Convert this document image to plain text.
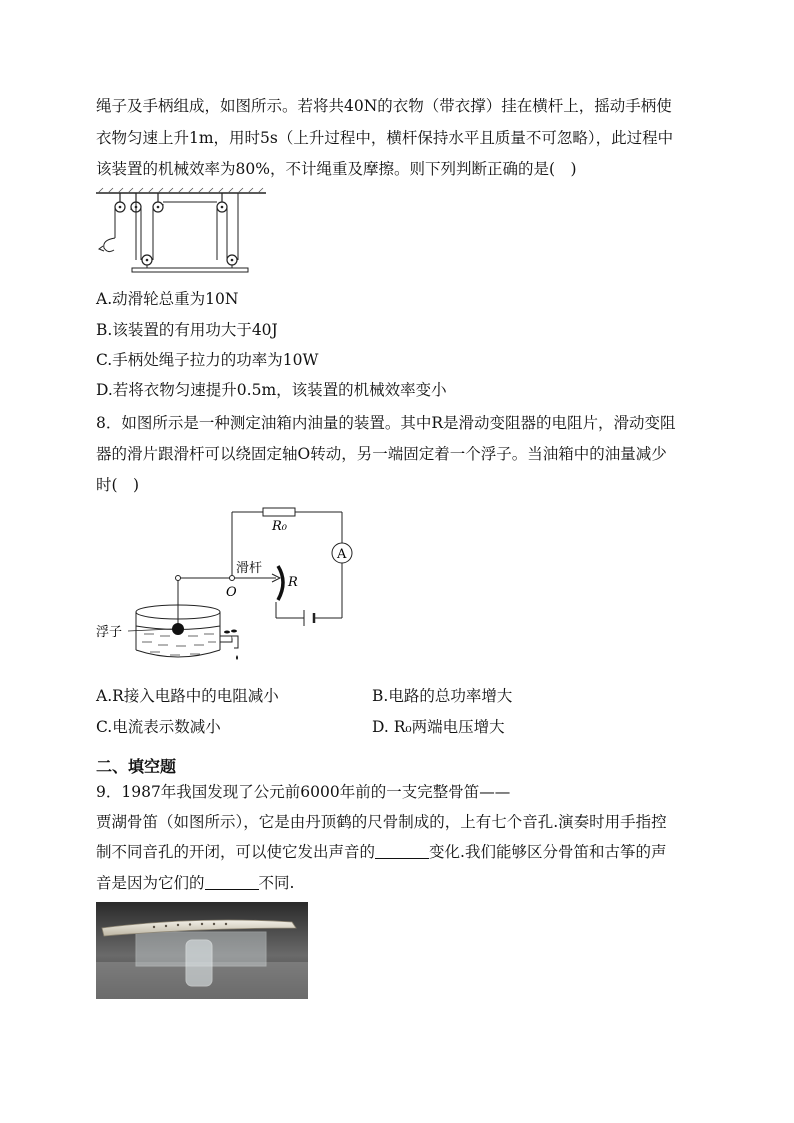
绳子及手柄组成，如图所示。若将共40N的衣物（带衣撑）挂在横杆上，摇动手柄使
衣物匀速上升1m，用时5s（上升过程中，横杆保持水平且质量不可忽略），此过程中
该装置的机械效率为80%，不计绳重及摩擦。则下列判断正确的是(　)
A.动滑轮总重为10N
B.该装置的有用功大于40J
C.手柄处绳子拉力的功率为10W
D.若将衣物匀速提升0.5m，该装置的机械效率变小
8．如图所示是一种测定油箱内油量的装置。其中R是滑动变阻器的电阻片，滑动变阻
器的滑片跟滑杆可以绕固定轴O转动，另一端固定着一个浮子。当油箱中的油量减少
时(　)
R₀
A
R
滑杆
O
浮子
A.R接入电路中的电阻减小	B.电路的总功率增大
C.电流表示数减小	D. R₀两端电压增大
二、填空题
9．1987年我国发现了公元前6000年前的一支完整骨笛——
贾湖骨笛（如图所示），它是由丹顶鹤的尺骨制成的，上有七个音孔.演奏时用手指控
制不同音孔的开闭，可以使它发出声音的	变化.我们能够区分骨笛和古筝的声
音是因为它们的	不同.
